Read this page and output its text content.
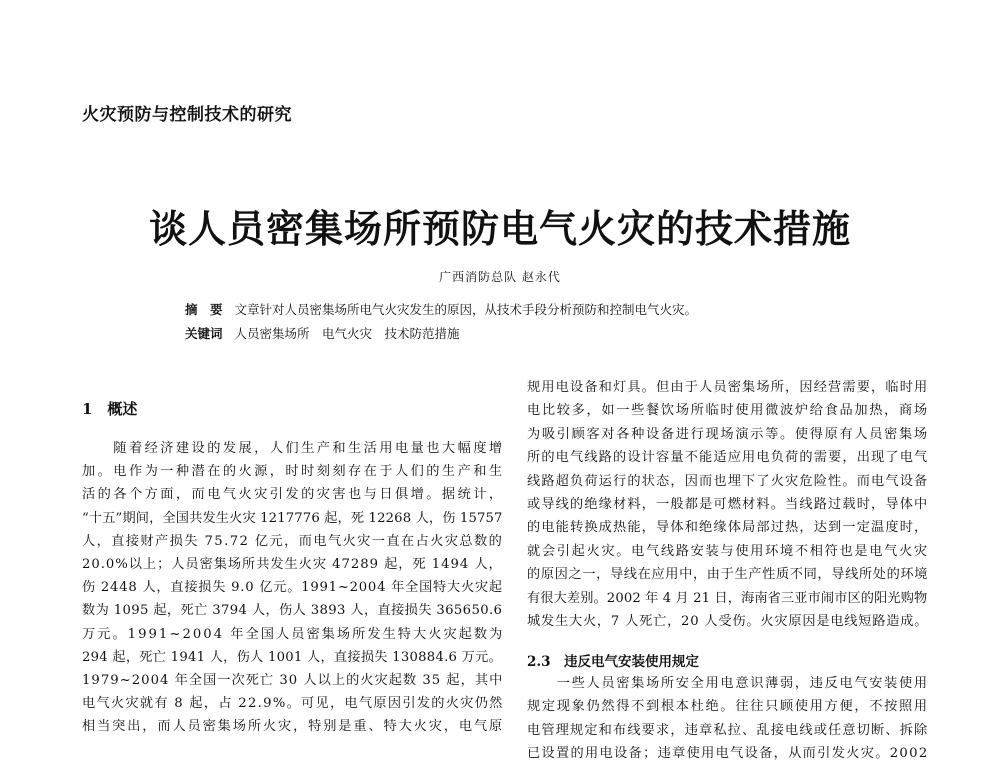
火灾预防与控制技术的研究
谈人员密集场所预防电气火灾的技术措施
广西消防总队 赵永代
摘　要 文章针对人员密集场所电气火灾发生的原因，从技术手段分析预防和控制电气火灾。
关键词 人员密集场所　电气火灾　技术防范措施
1　概述
　　随着经济建设的发展，人们生产和生活用电量也大幅度增
加。电作为一种潜在的火源，时时刻刻存在于人们的生产和生
活的各个方面，而电气火灾引发的灾害也与日俱增。据统计，
“十五”期间，全国共发生火灾 1217776 起，死 12268 人，伤 15757
人，直接财产损失 75.72 亿元，而电气火灾一直在占火灾总数的
20.0%以上；人员密集场所共发生火灾 47289 起，死 1494 人，
伤 2448 人，直接损失 9.0 亿元。1991~2004 年全国特大火灾起
数为 1095 起，死亡 3794 人，伤人 3893 人，直接损失 365650.6
万元。1991~2004 年全国人员密集场所发生特大火灾起数为
294 起，死亡 1941 人，伤人 1001 人，直接损失 130884.6 万元。
1979~2004 年全国一次死亡 30 人以上的火灾起数 35 起，其中
电气火灾就有 8 起，占 22.9%。可见，电气原因引发的火灾仍然
相当突出，而人员密集场所火灾，特别是重、特大火灾，电气原
规用电设备和灯具。但由于人员密集场所，因经营需要，临时用
电比较多，如一些餐饮场所临时使用微波炉给食品加热，商场
为吸引顾客对各种设备进行现场演示等。使得原有人员密集场
所的电气线路的设计容量不能适应用电负荷的需要，出现了电气
线路超负荷运行的状态，因而也埋下了火灾危险性。而电气设备
或导线的绝缘材料，一般都是可燃材料。当线路过载时，导体中
的电能转换成热能，导体和绝缘体局部过热，达到一定温度时，
就会引起火灾。电气线路安装与使用环境不相符也是电气火灾
的原因之一，导线在应用中，由于生产性质不同，导线所处的环境
有很大差别。2002 年 4 月 21 日，海南省三亚市闹市区的阳光购物
城发生大火，7 人死亡，20 人受伤。火灾原因是电线短路造成。
　　一些人员密集场所安全用电意识薄弱，违反电气安装使用
规定现象仍然得不到根本杜绝。往往只顾使用方便，不按照用
电管理规定和布线要求，违章私拉、乱接电线或任意切断、拆除
已设置的用电设备；违章使用电气设备，从而引发火灾。2002
2.3　违反电气安装使用规定
